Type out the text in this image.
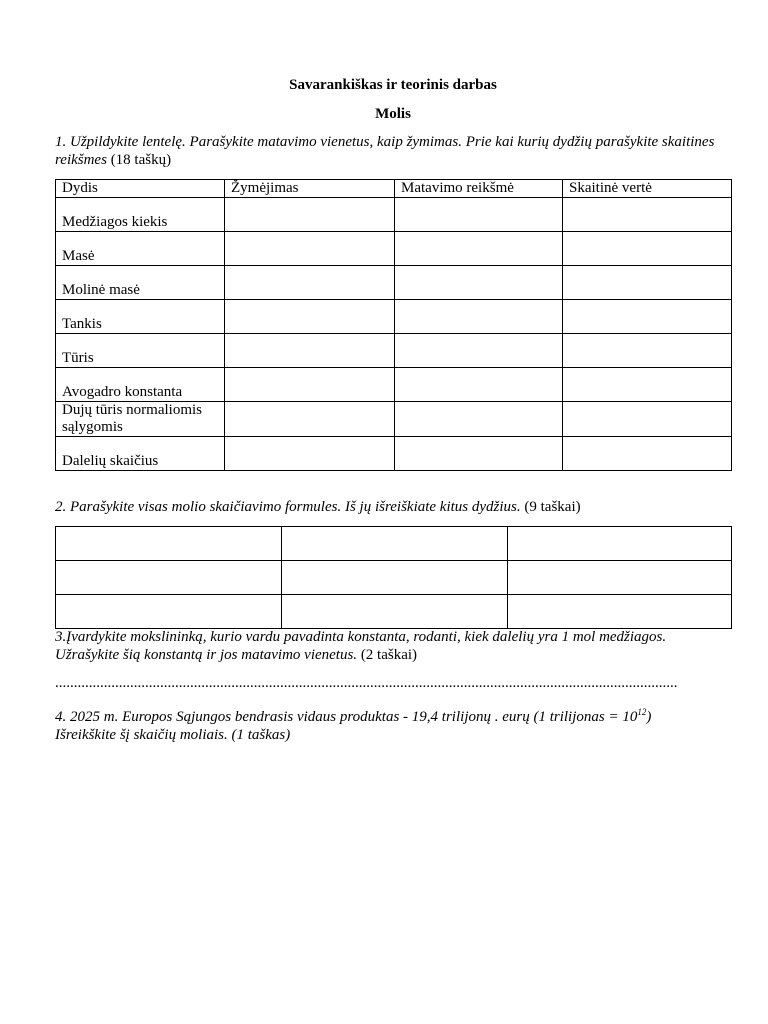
Savarankiškas ir teorinis darbas
Molis
1. Užpildykite lentelę. Parašykite matavimo vienetus, kaip žymimas. Prie kai kurių dydžių parašykite skaitines reikšmes (18 taškų)
Dydis	Žymėjimas	Matavimo reikšmė	Skaitinė vertė
Medžiagos kiekis			
Masė			
Molinė masė			
Tankis			
Tūris			
Avogadro konstanta			
Dujų tūris normaliomis sąlygomis			
Dalelių skaičius			
2. Parašykite visas molio skaičiavimo formules. Iš jų išreiškiate kitus dydžius. (9 taškai)

3.Įvardykite mokslininką, kurio vardu pavadinta konstanta, rodanti, kiek dalelių yra 1 mol medžiagos.
Užrašykite šią konstantą ir jos matavimo vienetus. (2 taškai)
......................................................................................................................................................................
4. 2025 m. Europos Sąjungos bendrasis vidaus produktas - 19,4 trilijonų . eurų (1 trilijonas = $10^{12}$)
Išreikškite šį skaičių moliais. (1 taškas)
